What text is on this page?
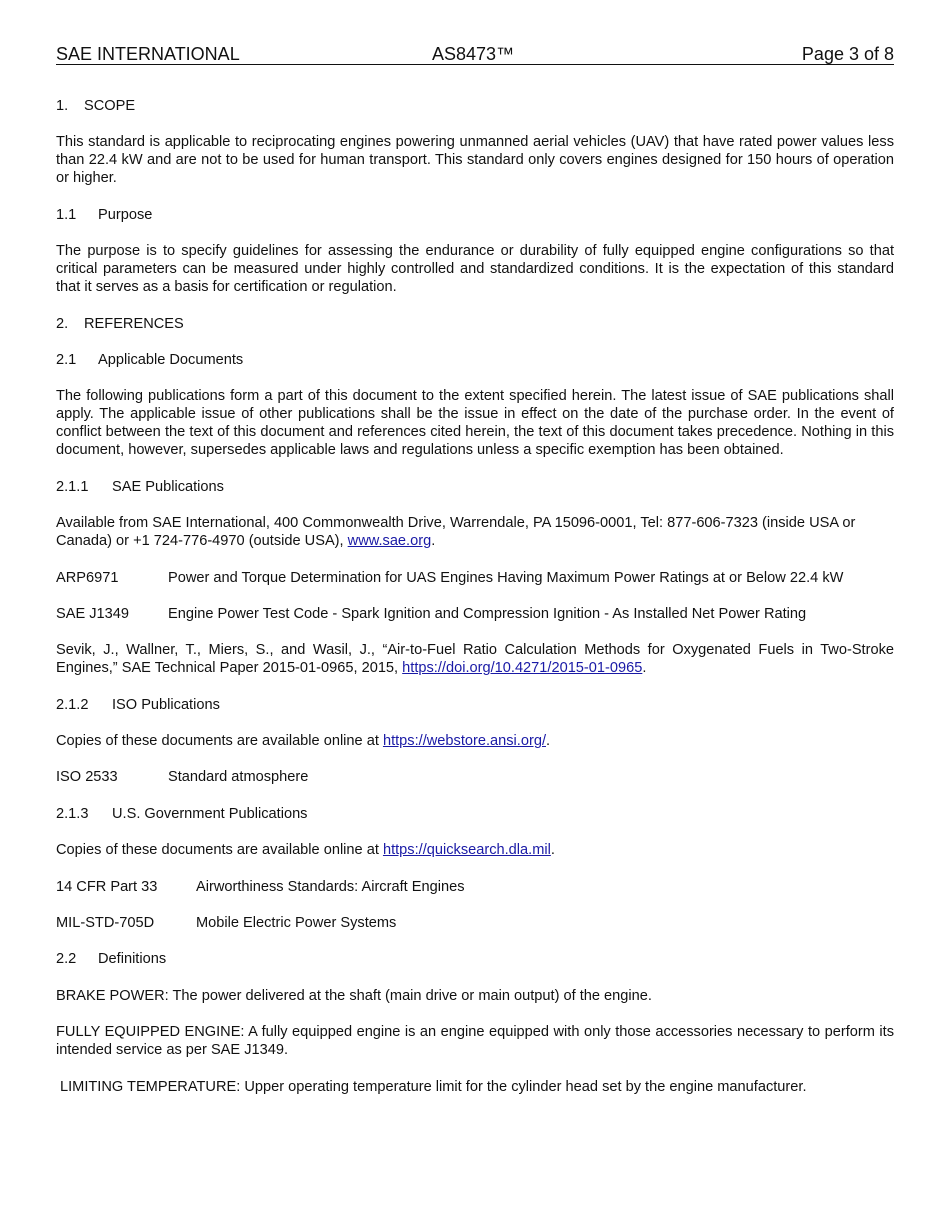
SAE INTERNATIONAL	AS8473™	Page 3 of 8
1. SCOPE
This standard is applicable to reciprocating engines powering unmanned aerial vehicles (UAV) that have rated power values less than 22.4 kW and are not to be used for human transport. This standard only covers engines designed for 150 hours of operation or higher.
1.1 Purpose
The purpose is to specify guidelines for assessing the endurance or durability of fully equipped engine configurations so that critical parameters can be measured under highly controlled and standardized conditions. It is the expectation of this standard that it serves as a basis for certification or regulation.
2. REFERENCES
2.1 Applicable Documents
The following publications form a part of this document to the extent specified herein. The latest issue of SAE publications shall apply. The applicable issue of other publications shall be the issue in effect on the date of the purchase order. In the event of conflict between the text of this document and references cited herein, the text of this document takes precedence. Nothing in this document, however, supersedes applicable laws and regulations unless a specific exemption has been obtained.
2.1.1 SAE Publications
Available from SAE International, 400 Commonwealth Drive, Warrendale, PA 15096-0001, Tel: 877-606-7323 (inside USA or Canada) or +1 724-776-4970 (outside USA), www.sae.org.
ARP6971	Power and Torque Determination for UAS Engines Having Maximum Power Ratings at or Below 22.4 kW
SAE J1349	Engine Power Test Code - Spark Ignition and Compression Ignition - As Installed Net Power Rating
Sevik, J., Wallner, T., Miers, S., and Wasil, J., “Air-to-Fuel Ratio Calculation Methods for Oxygenated Fuels in Two-Stroke Engines,” SAE Technical Paper 2015-01-0965, 2015, https://doi.org/10.4271/2015-01-0965.
2.1.2 ISO Publications
Copies of these documents are available online at https://webstore.ansi.org/.
ISO 2533	Standard atmosphere
2.1.3 U.S. Government Publications
Copies of these documents are available online at https://quicksearch.dla.mil.
14 CFR Part 33	Airworthiness Standards: Aircraft Engines
MIL-STD-705D	Mobile Electric Power Systems
2.2 Definitions
BRAKE POWER: The power delivered at the shaft (main drive or main output) of the engine.
FULLY EQUIPPED ENGINE: A fully equipped engine is an engine equipped with only those accessories necessary to perform its intended service as per SAE J1349.
LIMITING TEMPERATURE: Upper operating temperature limit for the cylinder head set by the engine manufacturer.
